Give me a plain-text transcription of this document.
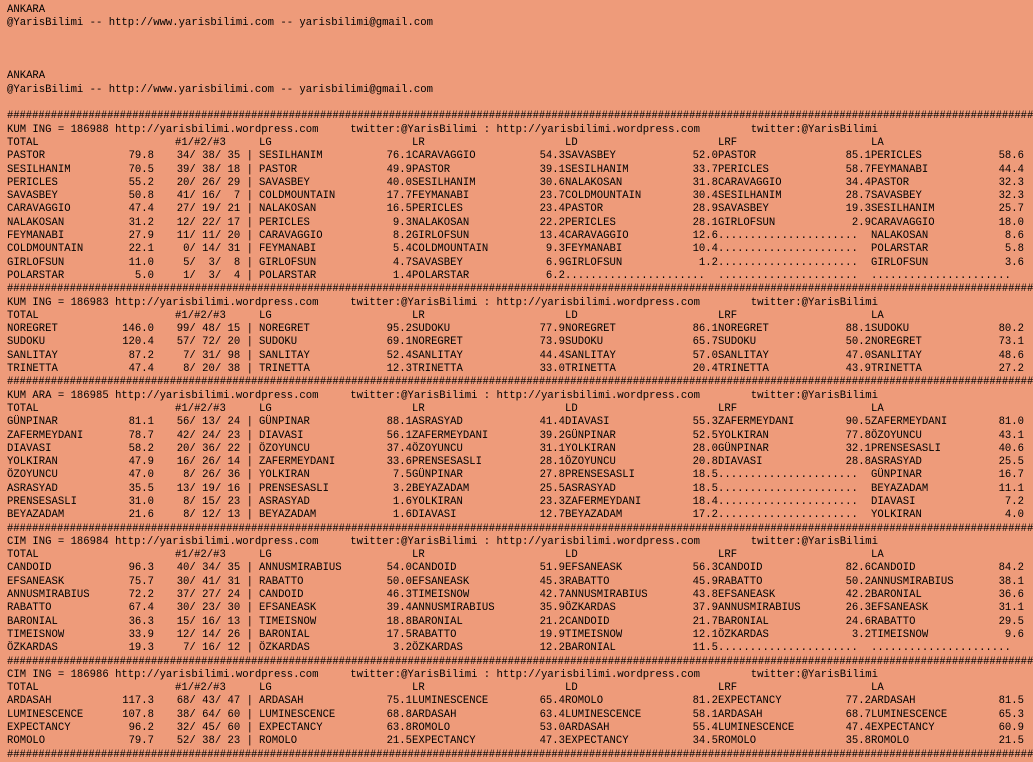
ANKARA
@YarisBilimi -- http://www.yarisbilimi.com -- yarisbilimi@gmail.com
ANKARA
@YarisBilimi -- http://www.yarisbilimi.com -- yarisbilimi@gmail.com
####################################################################################################################################################################
KUM ING = 186988 http://yarisbilimi.wordpress.com     twitter:@YarisBilimi : http://yarisbilimi.wordpress.com        twitter:@YarisBilimi
TOTAL	#1/#2/#3	LG	LR	LD	LRF	LA
PASTOR	79.8 34/ 38/ 35 | SESILHANIM	76.1 CARAVAGGIO	54.3 SAVASBEY	52.0 PASTOR	85.1 PERICLES	58.6
SESILHANIM	70.5 39/ 38/ 18 | PASTOR	49.9 PASTOR	39.1 SESILHANIM	33.7 PERICLES	58.7 FEYMANABI	44.4
PERICLES	55.2 20/ 26/ 29 | SAVASBEY	40.0 SESILHANIM	30.6 NALAKOSAN	31.8 CARAVAGGIO	34.4 PASTOR	32.3
SAVASBEY	50.8 41/ 16/  7 | COLDMOUNTAIN	17.7 FEYMANABI	23.7 COLDMOUNTAIN	30.4 SESILHANIM	28.7 SAVASBEY	32.3
CARAVAGGIO	47.4 27/ 19/ 21 | NALAKOSAN	16.5 PERICLES	23.4 PASTOR	28.9 SAVASBEY	19.3 SESILHANIM	25.7
NALAKOSAN	31.2 12/ 22/ 17 | PERICLES	9.3 NALAKOSAN	22.2 PERICLES	28.1 GIRLOFSUN	2.9 CARAVAGGIO	18.0
FEYMANABI	27.9 11/ 11/ 20 | CARAVAGGIO	8.2 GIRLOFSUN	13.4 CARAVAGGIO	12.6 ...................... NALAKOSAN	8.6
COLDMOUNTAIN	22.1	0/ 14/ 31 | FEYMANABI	5.4 COLDMOUNTAIN	9.3 FEYMANABI	10.4 ...................... POLARSTAR	5.8
GIRLOFSUN	11.0	5/  3/  8 | GIRLOFSUN	4.7 SAVASBEY	6.9 GIRLOFSUN	1.2 ...................... GIRLOFSUN	3.6
POLARSTAR	5.0	1/  3/  4 | POLARSTAR	1.4 POLARSTAR	6.2 ...................... ...................... ......................
####################################################################################################################################################################
KUM ING = 186983 http://yarisbilimi.wordpress.com     twitter:@YarisBilimi : http://yarisbilimi.wordpress.com        twitter:@YarisBilimi
TOTAL	#1/#2/#3	LG	LR	LD	LRF	LA
NOREGRET	146.0 99/ 48/ 15 | NOREGRET	95.2 SUDOKU	77.9 NOREGRET	86.1 NOREGRET	88.1 SUDOKU	80.2
SUDOKU	120.4 57/ 72/ 20 | SUDOKU	69.1 NOREGRET	73.9 SUDOKU	65.7 SUDOKU	50.2 NOREGRET	73.1
SANLITAY	87.2	7/ 31/ 98 | SANLITAY	52.4 SANLITAY	44.4 SANLITAY	57.0 SANLITAY	47.0 SANLITAY	48.6
TRINETTA	47.4	8/ 20/ 38 | TRINETTA	12.3 TRINETTA	33.0 TRINETTA	20.4 TRINETTA	43.9 TRINETTA	27.2
####################################################################################################################################################################
KUM ARA = 186985 http://yarisbilimi.wordpress.com     twitter:@YarisBilimi : http://yarisbilimi.wordpress.com        twitter:@YarisBilimi
TOTAL	#1/#2/#3	LG	LR	LD	LRF	LA
GÜNPINAR	81.1 56/ 13/ 24 | GÜNPINAR	88.1 ASRASYAD	41.4 DIAVASI	55.3 ZAFERMEYDANI	90.5 ZAFERMEYDANI	81.0
ZAFERMEYDANI	78.7 42/ 24/ 23 | DIAVASI	56.1 ZAFERMEYDANI	39.2 GÜNPINAR	52.5 YOLKIRAN	77.8 ÖZOYUNCU	43.1
DIAVASI	58.2 20/ 36/ 22 | ÖZOYUNCU	37.4 ÖZOYUNCU	31.1 YOLKIRAN	28.0 GÜNPINAR	32.1 PRENSESASLI	40.6
YOLKIRAN	47.9 16/ 26/ 14 | ZAFERMEYDANI	33.6 PRENSESASLI	28.1 ÖZOYUNCU	20.8 DIAVASI	28.8 ASRASYAD	25.5
ÖZOYUNCU	47.0	8/ 26/ 36 | YOLKIRAN	7.5 GÜNPINAR	27.8 PRENSESASLI	18.5 ...................... GÜNPINAR	16.7
ASRASYAD	35.5 13/ 19/ 16 | PRENSESASLI	3.2 BEYAZADAM	25.5 ASRASYAD	18.5 ...................... BEYAZADAM	11.1
PRENSESASLI	31.0	8/ 15/ 23 | ASRASYAD	1.6 YOLKIRAN	23.3 ZAFERMEYDANI	18.4 ...................... DIAVASI	7.2
BEYAZADAM	21.6	8/ 12/ 13 | BEYAZADAM	1.6 DIAVASI	12.7 BEYAZADAM	17.2 ...................... YOLKIRAN	4.0
####################################################################################################################################################################
CIM ING = 186984 http://yarisbilimi.wordpress.com     twitter:@YarisBilimi : http://yarisbilimi.wordpress.com        twitter:@YarisBilimi
TOTAL	#1/#2/#3	LG	LR	LD	LRF	LA
CANDOID	96.3 40/ 34/ 35 | ANNUSMIRABIUS	54.0 CANDOID	51.9 EFSANEASK	56.3 CANDOID	82.6 CANDOID	84.2
EFSANEASK	75.7 30/ 41/ 31 | RABATTO	50.0 EFSANEASK	45.3 RABATTO	45.9 RABATTO	50.2 ANNUSMIRABIUS	38.1
ANNUSMIRABIUS	72.2 37/ 27/ 24 | CANDOID	46.3 TIMEISNOW	42.7 ANNUSMIRABIUS	43.8 EFSANEASK	42.2 BARONIAL	36.6
RABATTO	67.4 30/ 23/ 30 | EFSANEASK	39.4 ANNUSMIRABIUS	35.9 ÖZKARDAS	37.9 ANNUSMIRABIUS	26.3 EFSANEASK	31.1
BARONIAL	36.3 15/ 16/ 13 | TIMEISNOW	18.8 BARONIAL	21.2 CANDOID	21.7 BARONIAL	24.6 RABATTO	29.5
TIMEISNOW	33.9 12/ 14/ 26 | BARONIAL	17.5 RABATTO	19.9 TIMEISNOW	12.1 ÖZKARDAS	3.2 TIMEISNOW	9.6
ÖZKARDAS	19.3	7/ 16/ 12 | ÖZKARDAS	3.2 ÖZKARDAS	12.2 BARONIAL	11.5 ...................... ......................
####################################################################################################################################################################
CIM ING = 186986 http://yarisbilimi.wordpress.com     twitter:@YarisBilimi : http://yarisbilimi.wordpress.com        twitter:@YarisBilimi
TOTAL	#1/#2/#3	LG	LR	LD	LRF	LA
ARDASAH	117.3 68/ 43/ 47 | ARDASAH	75.1 LUMINESCENCE	65.4 ROMOLO	81.2 EXPECTANCY	77.2 ARDASAH	81.5
LUMINESCENCE	107.8 38/ 64/ 60 | LUMINESCENCE	68.8 ARDASAH	63.4 LUMINESCENCE	58.1 ARDASAH	68.7 LUMINESCENCE	65.3
EXPECTANCY	96.2 32/ 45/ 60 | EXPECTANCY	63.8 ROMOLO	53.0 ARDASAH	55.4 LUMINESCENCE	47.4 EXPECTANCY	60.9
ROMOLO	79.7 52/ 38/ 23 | ROMOLO	21.5 EXPECTANCY	47.3 EXPECTANCY	34.5 ROMOLO	35.8 ROMOLO	21.5
####################################################################################################################################################################
